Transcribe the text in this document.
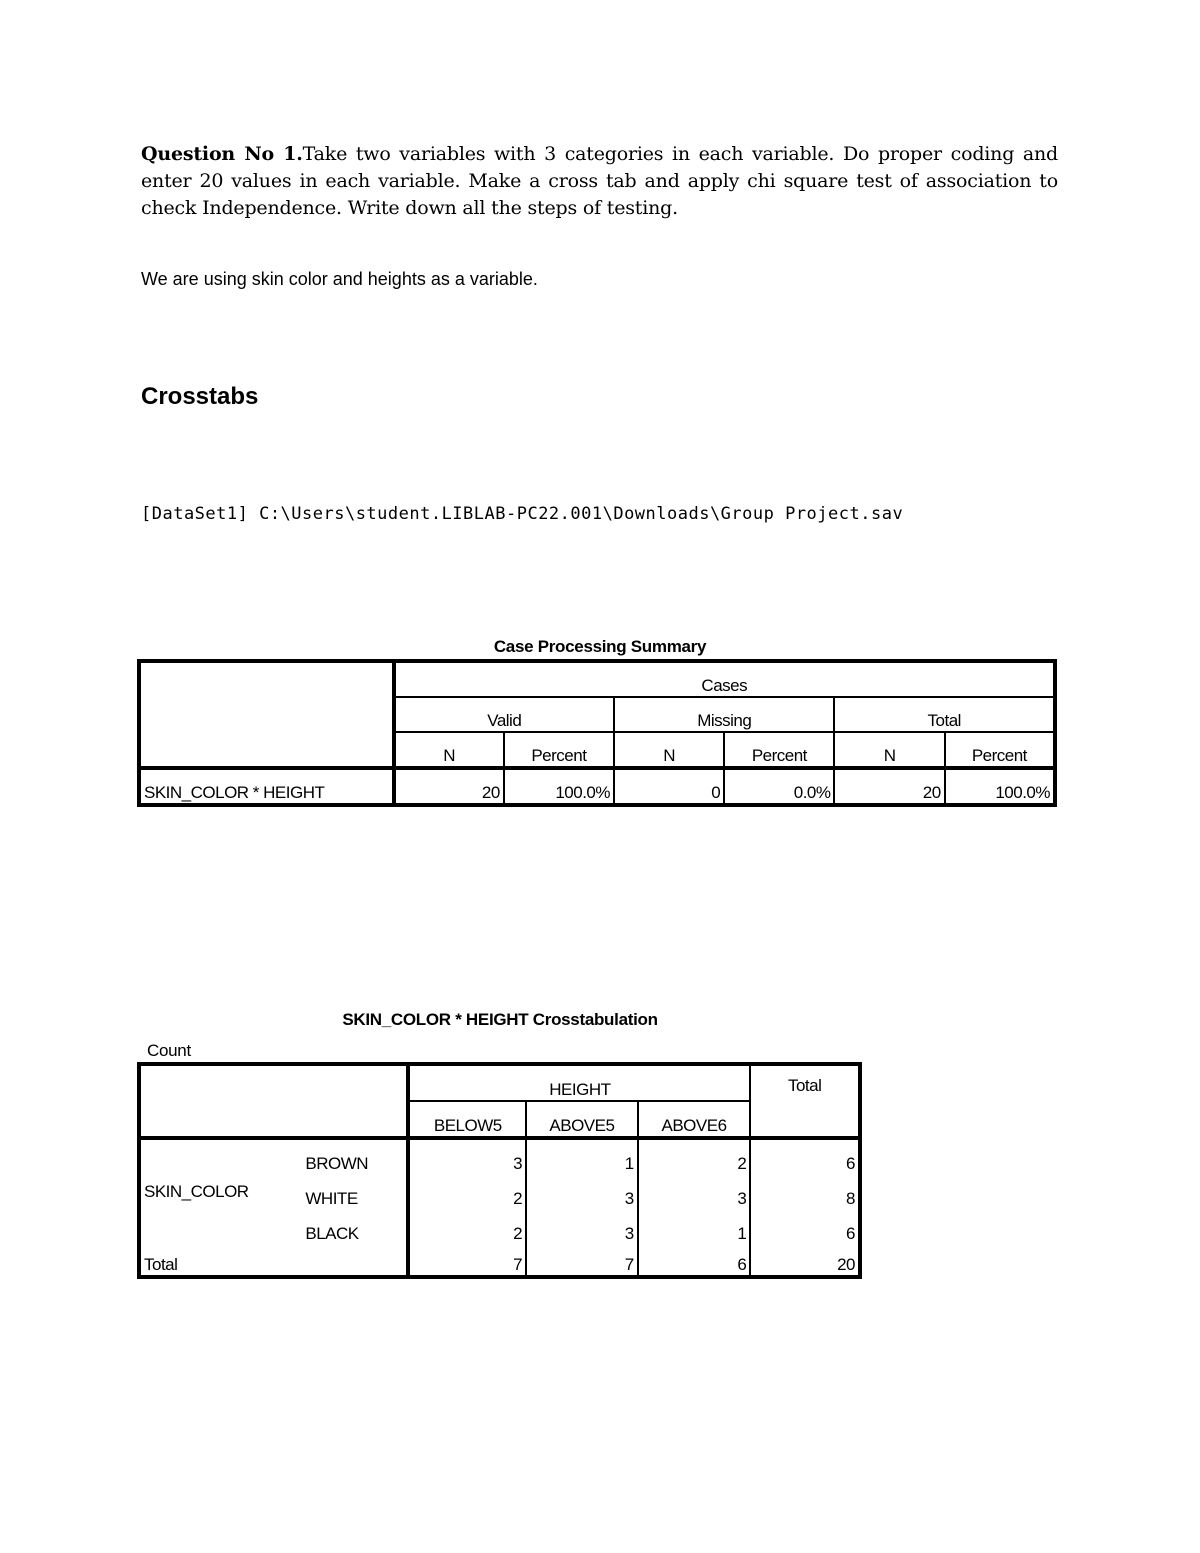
Question No 1.Take two variables with 3 categories in each variable. Do proper coding and enter 20 values in each variable. Make a cross tab and apply chi square test of association to check Independence. Write down all the steps of testing.
We are using skin color and heights as a variable.
Crosstabs
[DataSet1] C:\Users\student.LIBLAB-PC22.001\Downloads\Group Project.sav
Case Processing Summary
	Cases					
	Valid		Missing		Total	
	N	Percent	N	Percent	N	Percent
SKIN_COLOR * HEIGHT	20	100.0%	0	0.0%	20	100.0%
SKIN_COLOR * HEIGHT Crosstabulation
Count
		HEIGHT			Total
		BELOW5	ABOVE5	ABOVE6	
SKIN_COLOR	BROWN	3	1	2	6
	WHITE	2	3	3	8
	BLACK	2	3	1	6
Total		7	7	6	20
